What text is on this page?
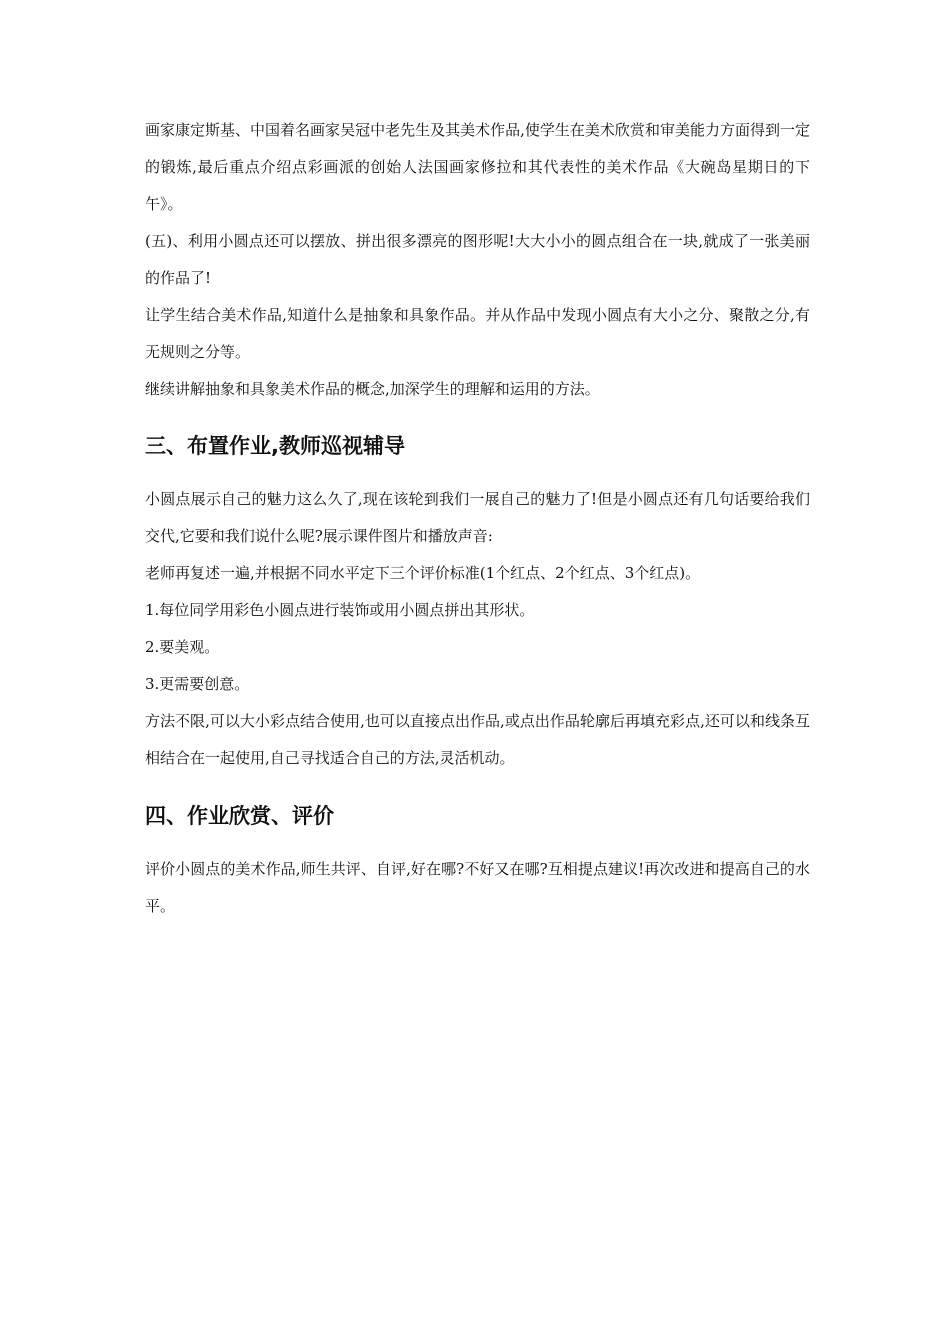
画家康定斯基、中国着名画家吴冠中老先生及其美术作品,使学生在美术欣赏和审美能力方面得到一定的锻炼,最后重点介绍点彩画派的创始人法国画家修拉和其代表性的美术作品《大碗岛星期日的下午》。

(五)、利用小圆点还可以摆放、拼出很多漂亮的图形呢!大大小小的圆点组合在一块,就成了一张美丽的作品了!

让学生结合美术作品,知道什么是抽象和具象作品。并从作品中发现小圆点有大小之分、聚散之分,有无规则之分等。

继续讲解抽象和具象美术作品的概念,加深学生的理解和运用的方法。

三、布置作业,教师巡视辅导

小圆点展示自己的魅力这么久了,现在该轮到我们一展自己的魅力了!但是小圆点还有几句话要给我们交代,它要和我们说什么呢?展示课件图片和播放声音:

老师再复述一遍,并根据不同水平定下三个评价标准(1个红点、2个红点、3个红点)。

1.每位同学用彩色小圆点进行装饰或用小圆点拼出其形状。

2.要美观。

3.更需要创意。

方法不限,可以大小彩点结合使用,也可以直接点出作品,或点出作品轮廓后再填充彩点,还可以和线条互相结合在一起使用,自己寻找适合自己的方法,灵活机动。

四、作业欣赏、评价

评价小圆点的美术作品,师生共评、自评,好在哪?不好又在哪?互相提点建议!再次改进和提高自己的水平。
